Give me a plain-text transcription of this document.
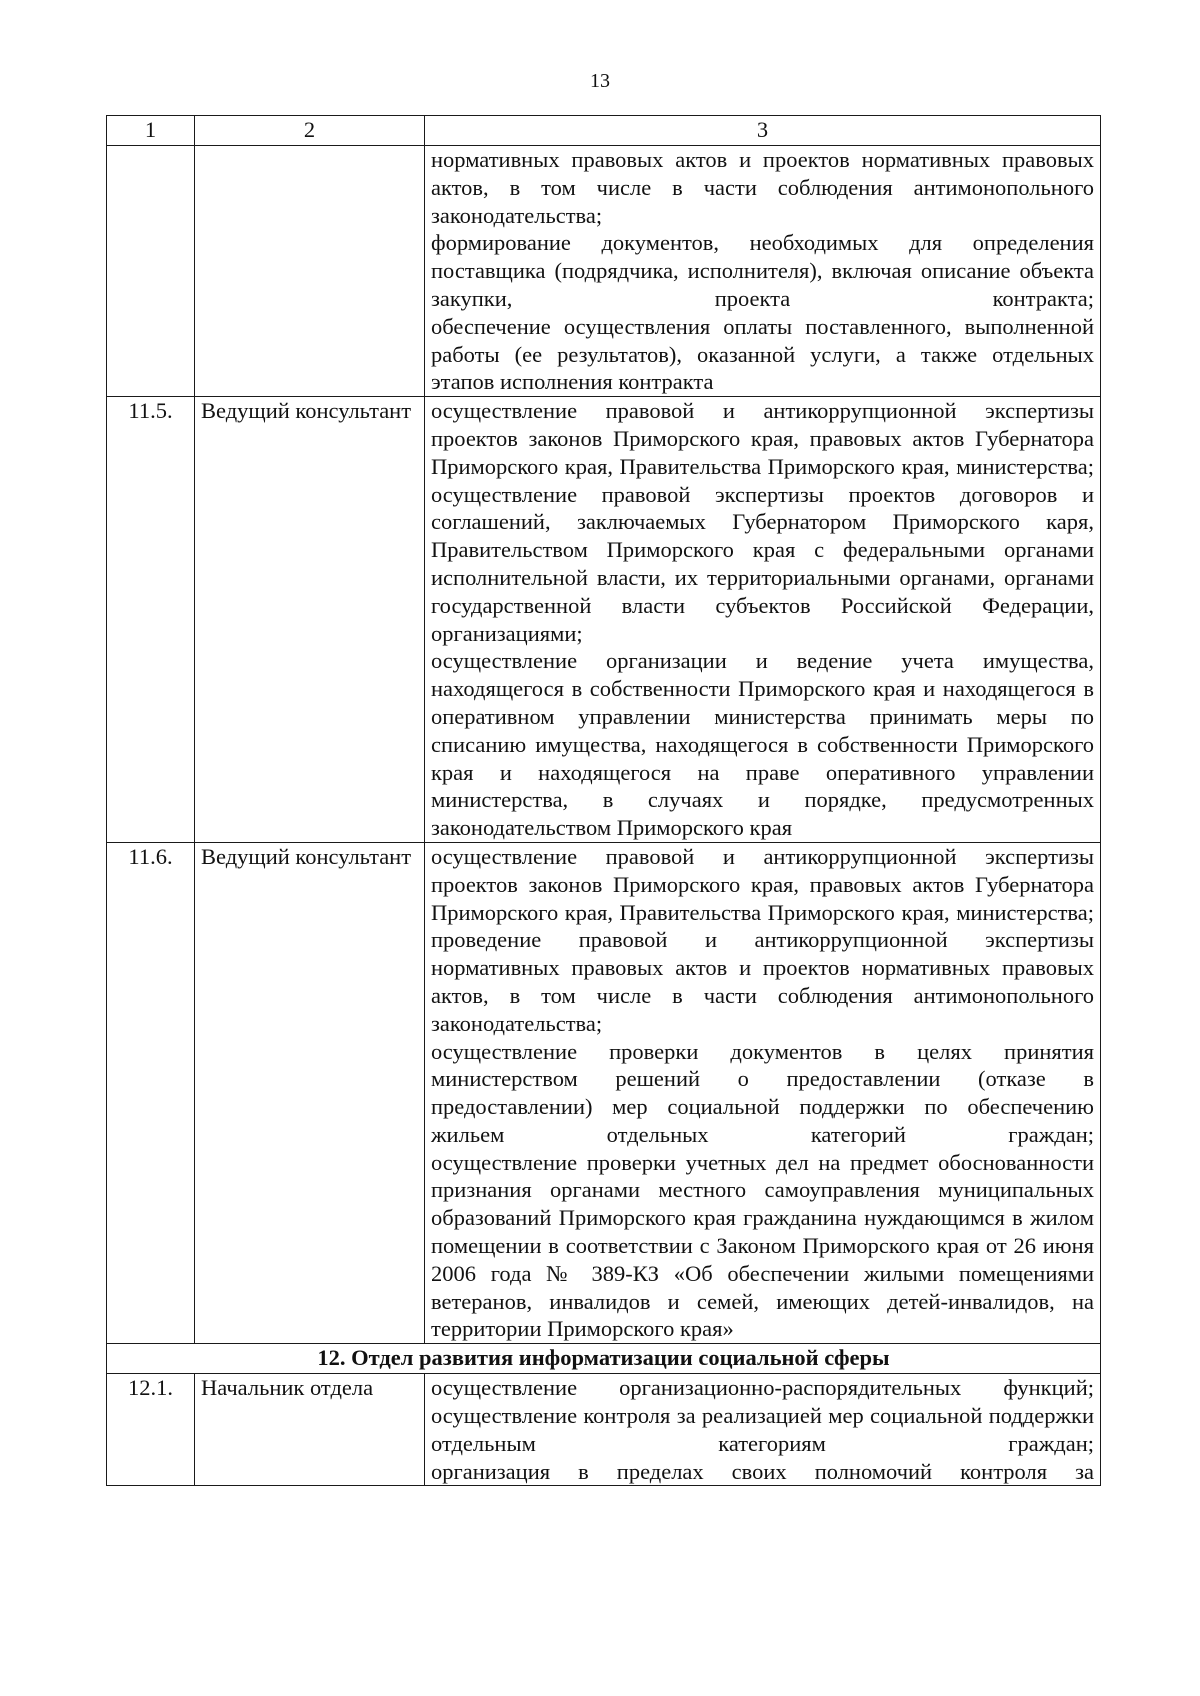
13
1	2	3

		нормативных правовых актов и проектов нормативных правовых актов, в том числе в части соблюдения антимонопольного законодательства;

формирование документов, необходимых для определения поставщика (подрядчика, исполнителя), включая описание объекта закупки, проекта контракта;

обеспечение осуществления оплаты поставленного, выполненной работы (ее результатов), оказанной услуги, а также отдельных этапов исполнения контракта

11.5.	Ведущий консультант	осуществление правовой и антикоррупционной экспертизы проектов законов Приморского края, правовых актов Губернатора Приморского края, Правительства Приморского края, министерства;

осуществление правовой экспертизы проектов договоров и соглашений, заключаемых Губернатором Приморского каря, Правительством Приморского края с федеральными органами исполнительной власти, их территориальными органами, органами государственной власти субъектов Российской Федерации, организациями;

осуществление организации и ведение учета имущества, находящегося в собственности Приморского края и находящегося в оперативном управлении министерства принимать меры по списанию имущества, находящегося в собственности Приморского края и находящегося на праве оперативного управлении министерства, в случаях и порядке, предусмотренных законодательством Приморского края

11.6.	Ведущий консультант	осуществление правовой и антикоррупционной экспертизы проектов законов Приморского края, правовых актов Губернатора Приморского края, Правительства Приморского края, министерства;

проведение правовой и антикоррупционной экспертизы нормативных правовых актов и проектов нормативных правовых актов, в том числе в части соблюдения антимонопольного законодательства;

осуществление проверки документов в целях принятия министерством решений о предоставлении (отказе в предоставлении) мер социальной поддержки по обеспечению жильем отдельных категорий граждан;

осуществление проверки учетных дел на предмет обоснованности признания органами местного самоуправления муниципальных образований Приморского края гражданина нуждающимся в жилом помещении в соответствии с Законом Приморского края от 26 июня 2006 года № 389-КЗ «Об обеспечении жилыми помещениями ветеранов, инвалидов и семей, имеющих детей-инвалидов, на территории Приморского края»

12. Отдел развития информатизации социальной сферы		
12.1.	Начальник отдела	осуществление организационно-распорядительных функций;

осуществление контроля за реализацией мер социальной поддержки отдельным категориям граждан;

организация в пределах своих полномочий контроля за
